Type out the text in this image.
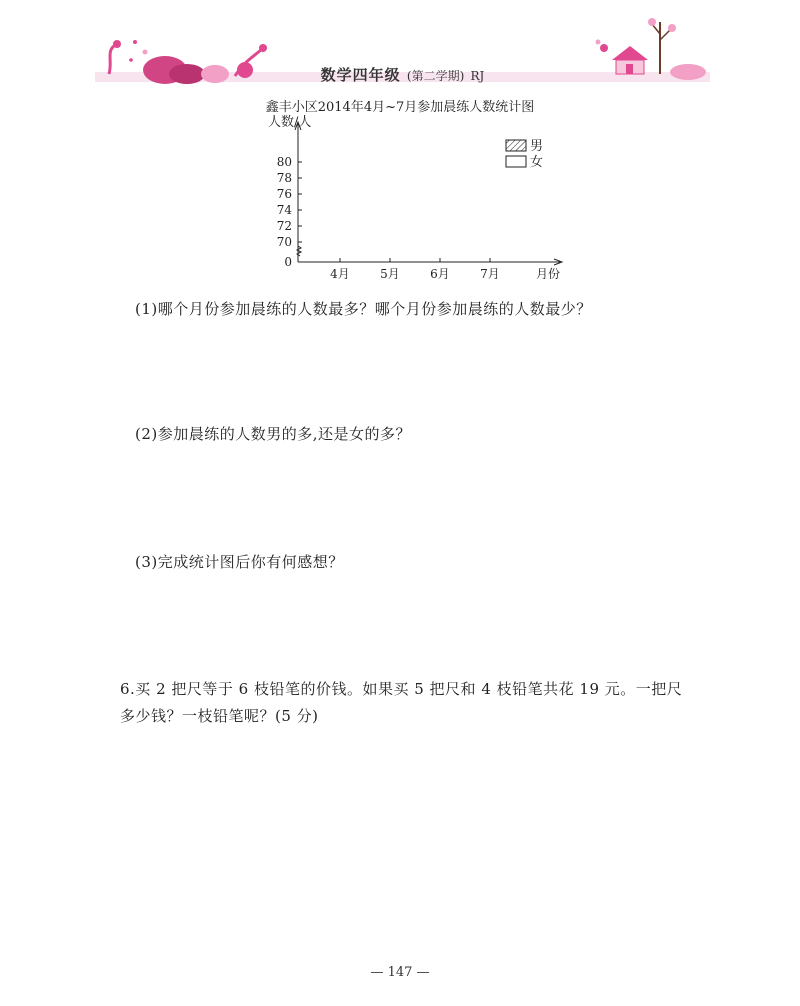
数学四年级 (第二学期) RJ
鑫丰小区2014年4月~7月参加晨练人数统计图
人数/人
0
70
72
74
76
78
80
4月	5月	6月	7月	月份
男
女
(1)哪个月份参加晨练的人数最多？哪个月份参加晨练的人数最少？
(2)参加晨练的人数男的多,还是女的多？
(3)完成统计图后你有何感想？
6.买 2 把尺等于 6 枝铅笔的价钱。如果买 5 把尺和 4 枝铅笔共花 19 元。一把尺
多少钱？一枝铅笔呢？(5 分)
— 147 —
